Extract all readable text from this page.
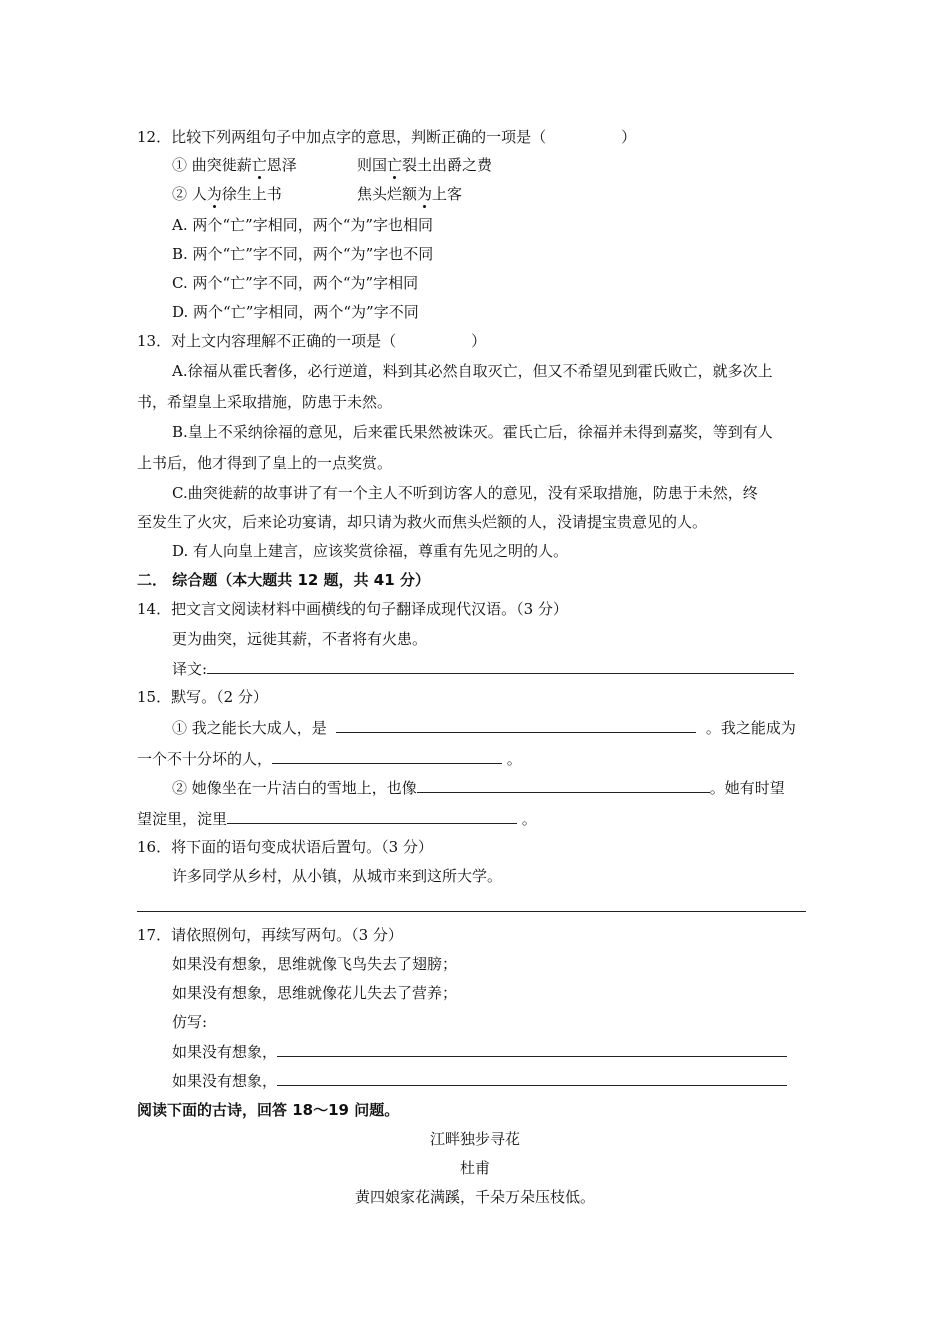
12．比较下列两组句子中加点字的意思，判断正确的一项是（　　　　　）
① 曲突徙薪亡恩泽	则国亡裂土出爵之费
② 人为徐生上书	焦头烂额为上客
A. 两个“亡”字相同，两个“为”字也相同
B. 两个“亡”字不同，两个“为”字也不同
C. 两个“亡”字不同，两个“为”字相同
D. 两个“亡”字相同，两个“为”字不同
13．对上文内容理解不正确的一项是（　　　　　）
A.徐福从霍氏奢侈，必行逆道，料到其必然自取灭亡，但又不希望见到霍氏败亡，就多次上
书，希望皇上采取措施，防患于未然。
B.皇上不采纳徐福的意见，后来霍氏果然被诛灭。霍氏亡后，徐福并未得到嘉奖，等到有人
上书后，他才得到了皇上的一点奖赏。
C.曲突徙薪的故事讲了有一个主人不听到访客人的意见，没有采取措施，防患于未然，终
至发生了火灾，后来论功宴请，却只请为救火而焦头烂额的人，没请提宝贵意见的人。
D. 有人向皇上建言，应该奖赏徐福，尊重有先见之明的人。
二． 综合题（本大题共 12 题，共 41 分）
14．把文言文阅读材料中画横线的句子翻译成现代汉语。（3 分）
更为曲突，远徙其薪，不者将有火患。
译文:
15．默写。（2 分）
① 我之能长大成人，是	。我之能成为
一个不十分坏的人，	。
② 她像坐在一片洁白的雪地上，也像	。她有时望
望淀里，淀里	。
16．将下面的语句变成状语后置句。（3 分）
许多同学从乡村，从小镇，从城市来到这所大学。
17．请依照例句，再续写两句。（3 分）
如果没有想象，思维就像飞鸟失去了翅膀；
如果没有想象，思维就像花儿失去了营养；
仿写:
如果没有想象，
如果没有想象，
阅读下面的古诗，回答 18～19 问题。
江畔独步寻花
杜甫
黄四娘家花满蹊，千朵万朵压枝低。
